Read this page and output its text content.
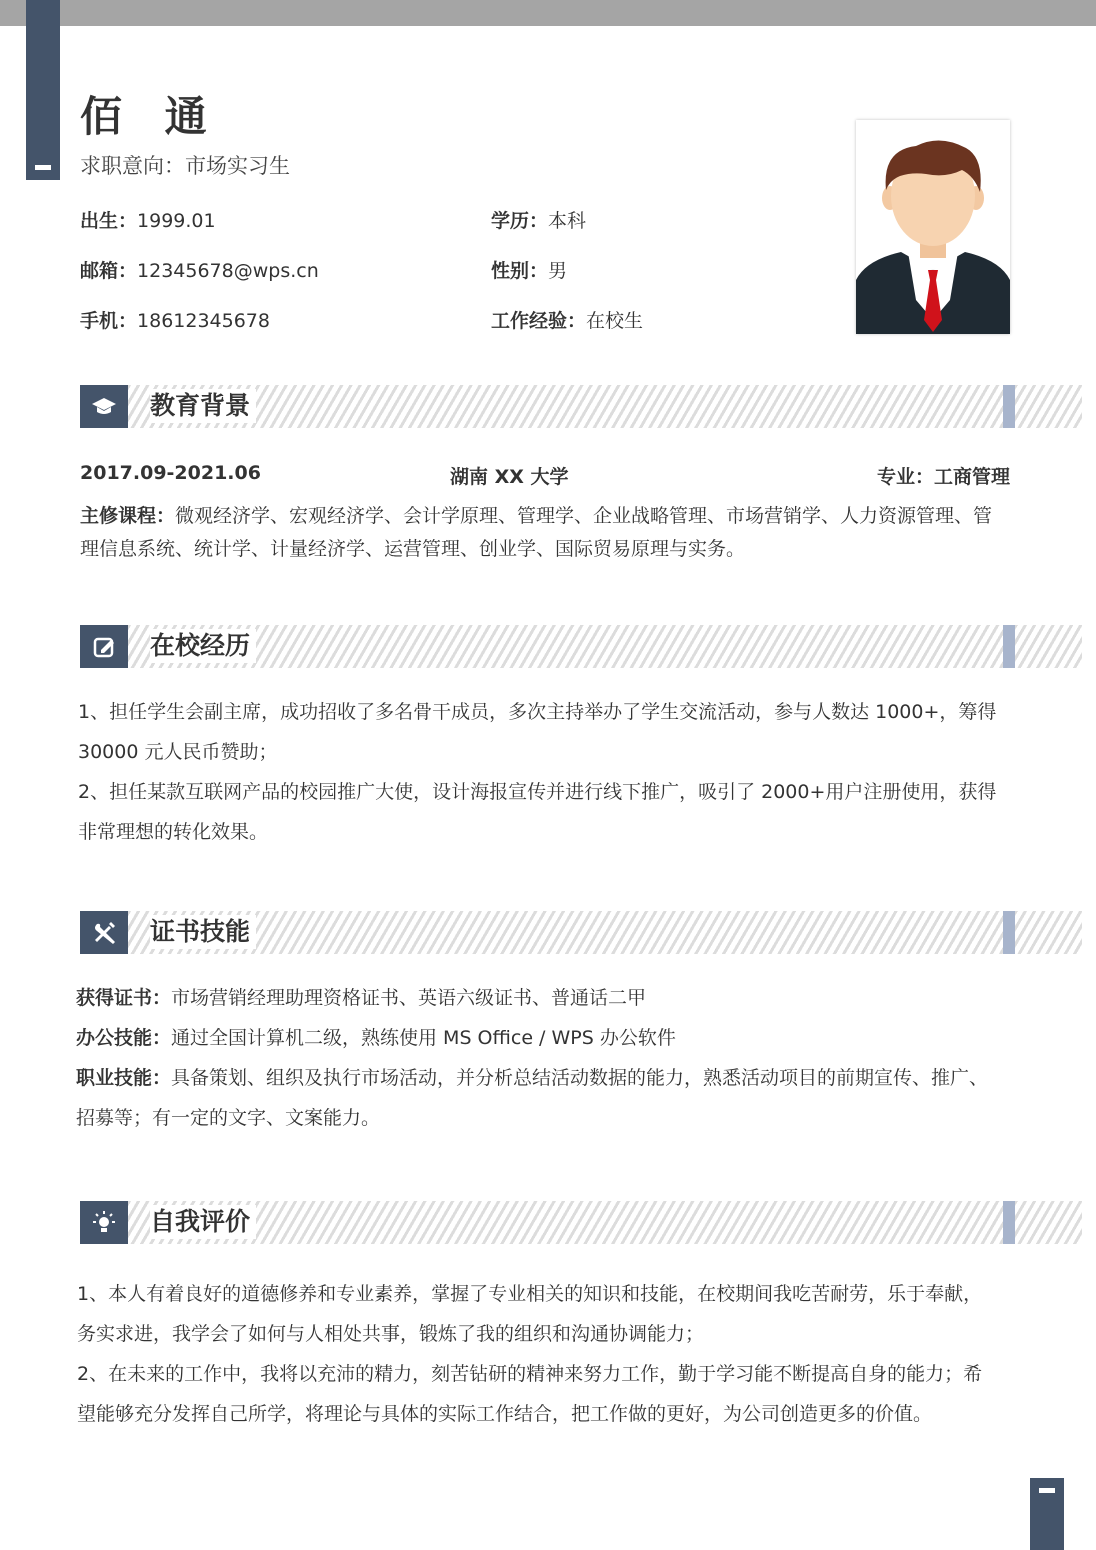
佰 通
求职意向：市场实习生
出生：1999.01
邮箱：12345678@wps.cn
手机：18612345678
学历：本科
性别：男
工作经验：在校生
教育背景
2017.09-2021.06	湖南 XX 大学	专业：工商管理
主修课程：微观经济学、宏观经济学、会计学原理、管理学、企业战略管理、市场营销学、人力资源管理、管
理信息系统、统计学、计量经济学、运营管理、创业学、国际贸易原理与实务。
在校经历
1、担任学生会副主席，成功招收了多名骨干成员，多次主持举办了学生交流活动，参与人数达 1000+，筹得
30000 元人民币赞助；
2、担任某款互联网产品的校园推广大使，设计海报宣传并进行线下推广，吸引了 2000+用户注册使用，获得
非常理想的转化效果。
证书技能
获得证书：市场营销经理助理资格证书、英语六级证书、普通话二甲
办公技能：通过全国计算机二级，熟练使用 MS Office / WPS 办公软件
职业技能：具备策划、组织及执行市场活动，并分析总结活动数据的能力，熟悉活动项目的前期宣传、推广、
招募等；有一定的文字、文案能力。
自我评价
1、本人有着良好的道德修养和专业素养，掌握了专业相关的知识和技能，在校期间我吃苦耐劳，乐于奉献，
务实求进，我学会了如何与人相处共事，锻炼了我的组织和沟通协调能力；
2、在未来的工作中，我将以充沛的精力，刻苦钻研的精神来努力工作，勤于学习能不断提高自身的能力；希
望能够充分发挥自己所学，将理论与具体的实际工作结合，把工作做的更好，为公司创造更多的价值。
